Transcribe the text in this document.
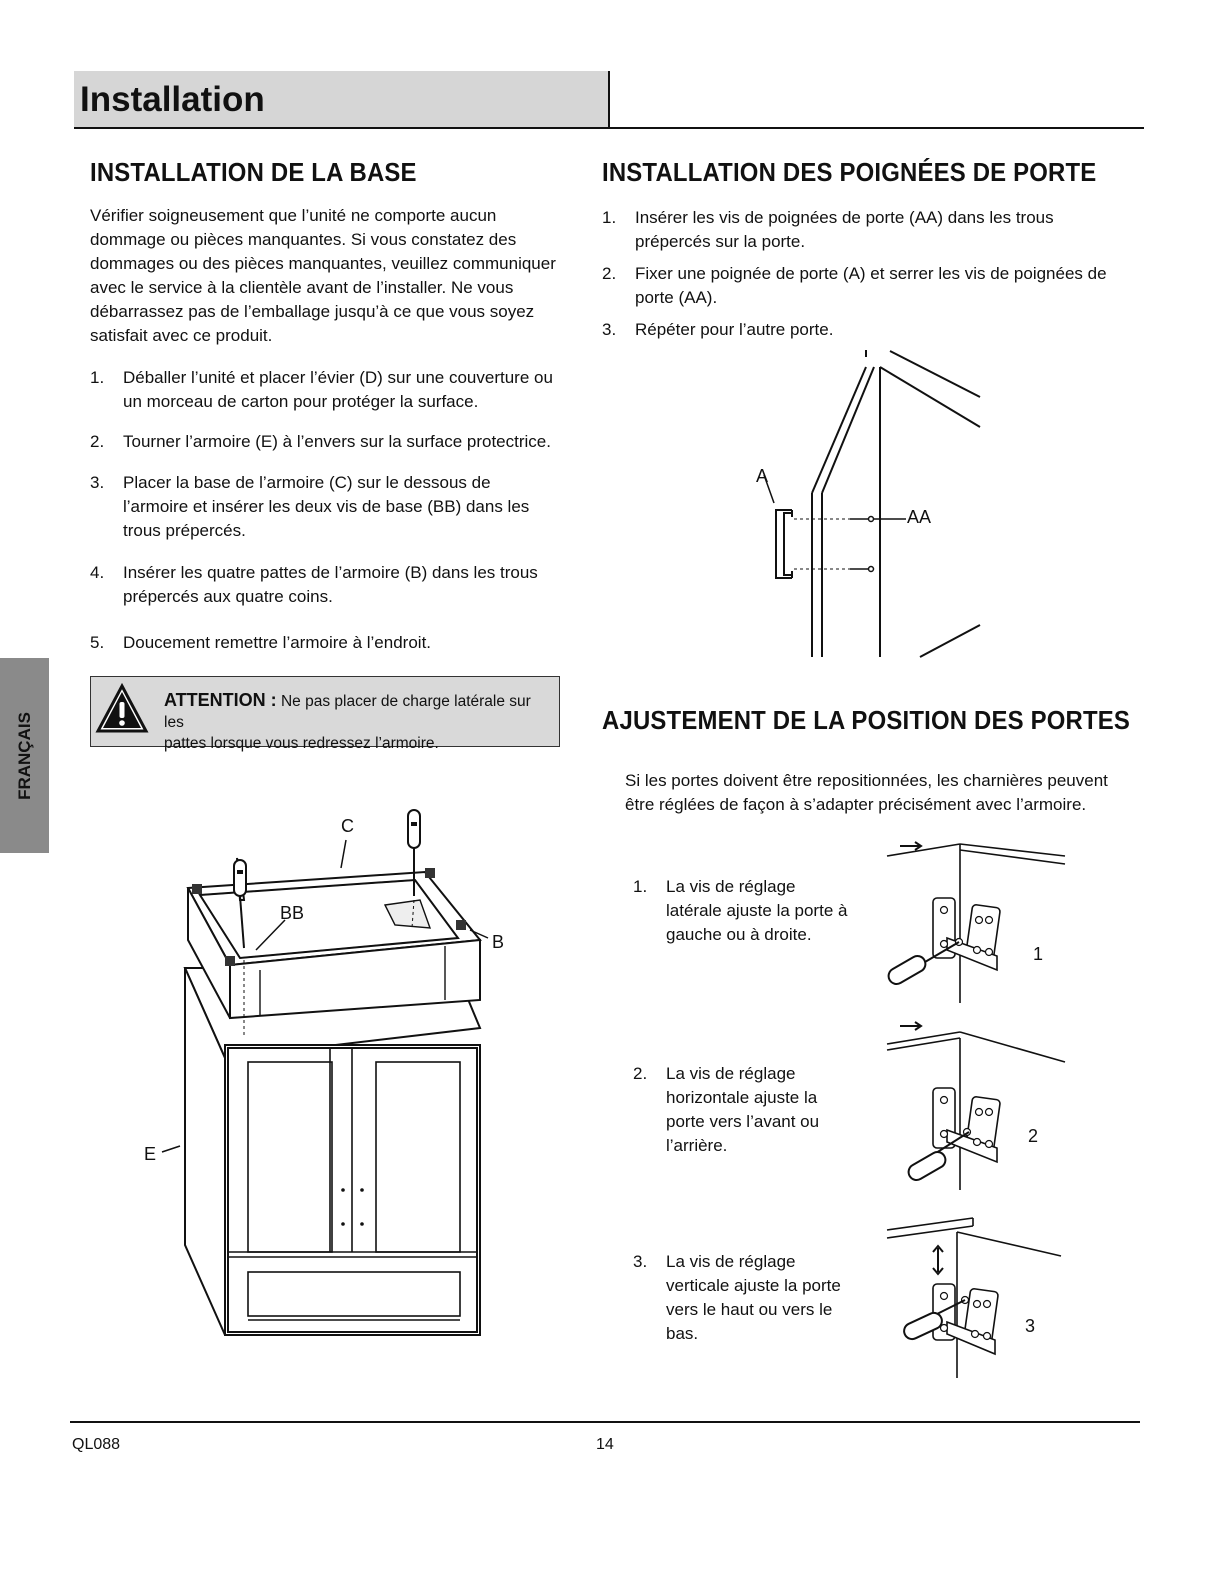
Installation
FRANÇAIS
INSTALLATION DE LA BASE
Vérifier soigneusement que l’unité ne comporte aucun
dommage ou pièces manquantes. Si vous constatez des
dommages ou des pièces manquantes, veuillez communiquer
avec le service à la clientèle avant de l’installer. Ne vous
débarrassez pas de l’emballage jusqu’à ce que vous soyez
satisfait avec ce produit.
1. Déballer l’unité et placer l’évier (D) sur une couverture ou
un morceau de carton pour protéger la surface.
2. Tourner l’armoire (E) à l’envers sur la surface protectrice.
3. Placer la base de l’armoire (C) sur le dessous de
l’armoire et insérer les deux vis de base (BB) dans les
trous prépercés.
4. Insérer les quatre pattes de l’armoire (B) dans les trous
prépercés aux quatre coins.
5. Doucement remettre l’armoire à l’endroit.
ATTENTION : Ne pas placer de charge latérale sur les
pattes lorsque vous redressez l’armoire.
C
BB
B
E
INSTALLATION DES POIGNÉES DE PORTE
1. Insérer les vis de poignées de porte (AA) dans les trous
prépercés sur la porte.
2. Fixer une poignée de porte (A) et serrer les vis de poignées de
porte (AA).
3. Répéter pour l’autre porte.
A
AA
AJUSTEMENT DE LA POSITION DES PORTES
Si les portes doivent être repositionnées, les charnières peuvent
être réglées de façon à s’adapter précisément avec l’armoire.
1. La vis de réglage
latérale ajuste la porte à
gauche ou à droite.
2. La vis de réglage
horizontale ajuste la
porte vers l’avant ou
l’arrière.
3. La vis de réglage
verticale ajuste la porte
vers le haut ou vers le
bas.
1
2
3
QL088	14
